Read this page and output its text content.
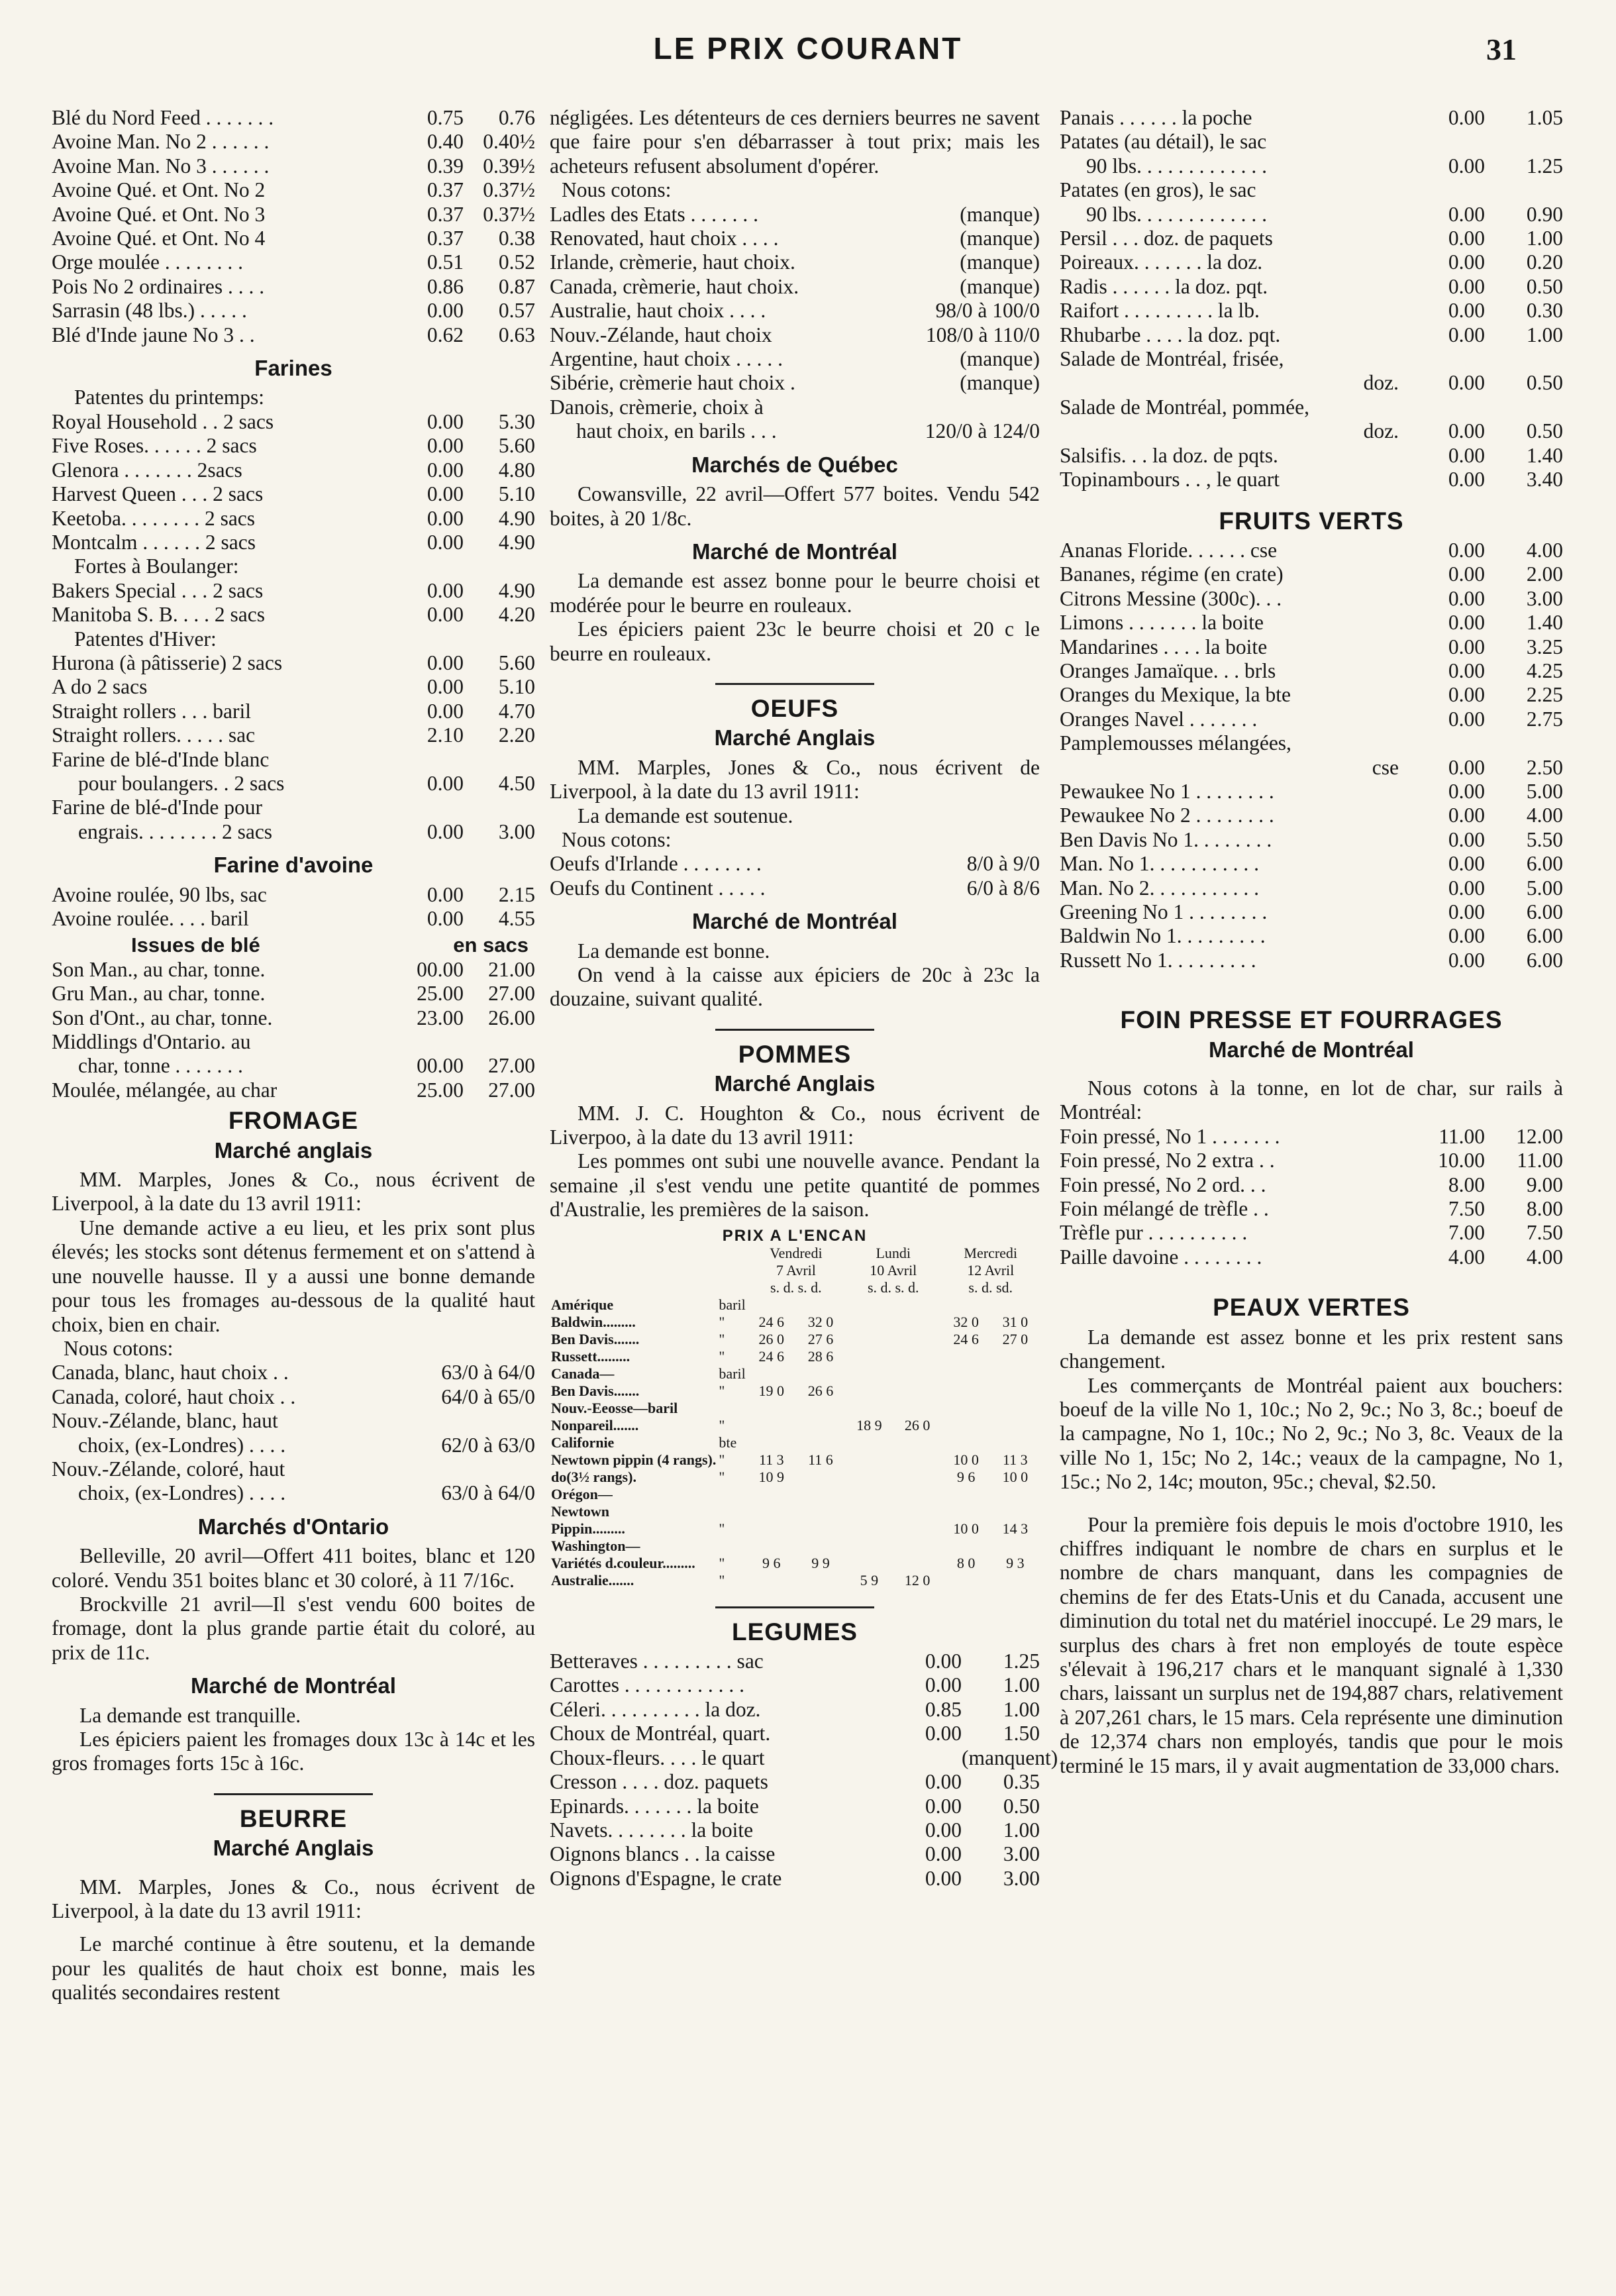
LE PRIX COURANT	31
Blé du Nord Feed . . . . . . .	0.75	0.76
Avoine Man. No 2 . . . . . .	0.40 0.40½
Avoine Man. No 3 . . . . . .	0.39 0.39½
Avoine Qué. et Ont. No 2	0.37 0.37½
Avoine Qué. et Ont. No 3	0.37 0.37½
Avoine Qué. et Ont. No 4	0.37	0.38
Orge moulée . . . . . . . .	0.51	0.52
Pois No 2 ordinaires . . . .	0.86	0.87
Sarrasin (48 lbs.) . . . . .	0.00	0.57
Blé d'Inde jaune No 3 . .	0.62	0.63
Farines
Patentes du printemps:
Royal Household . . 2 sacs	0.00	5.30
Five Roses. . . . . . 2 sacs	0.00	5.60
Glenora . . . . . . . 2sacs	0.00	4.80
Harvest Queen . . . 2 sacs	0.00	5.10
Keetoba. . . . . . . . 2 sacs	0.00	4.90
Montcalm . . . . . . 2 sacs	0.00	4.90
Fortes à Boulanger:
Bakers Special . . . 2 sacs	0.00	4.90
Manitoba S. B. . . . 2 sacs	0.00	4.20
Patentes d'Hiver:
Hurona (à pâtisserie) 2 sacs	0.00	5.60
A do 2 sacs	0.00	5.10
Straight rollers . . . baril	0.00	4.70
Straight rollers. . . . . sac	2.10	2.20
Farine de blé-d'Inde blanc
pour boulangers. . 2 sacs	0.00	4.50
Farine de blé-d'Inde pour
engrais. . . . . . . . 2 sacs	0.00	3.00
Farine d'avoine
Avoine roulée, 90 lbs, sac	0.00	2.15
Avoine roulée. . . . baril	0.00	4.55
Issues de blé	en sacs
Son Man., au char, tonne.	00.00	21.00
Gru Man., au char, tonne.	25.00	27.00
Son d'Ont., au char, tonne.	23.00	26.00
Middlings d'Ontario. au
char, tonne . . . . . . .	00.00	27.00
Moulée, mélangée, au char	25.00	27.00
FROMAGE
Marché anglais
MM. Marples, Jones & Co., nous écrivent de Liverpool, à la date du 13 avril 1911:
Une demande active a eu lieu, et les prix sont plus élevés; les stocks sont détenus fermement et on s'attend à une nouvelle hausse. Il y a aussi une bonne demande pour tous les fromages au-dessous de la qualité haut choix, bien en chair.
Nous cotons:
Canada, blanc, haut choix . .	63/0 à 64/0
Canada, coloré, haut choix . .	64/0 à 65/0
Nouv.-Zélande, blanc, haut
choix, (ex-Londres) . . . .	62/0 à 63/0
Nouv.-Zélande, coloré, haut
choix, (ex-Londres) . . . .	63/0 à 64/0
Marchés d'Ontario
Belleville, 20 avril—Offert 411 boites, blanc et 120 coloré. Vendu 351 boites blanc et 30 coloré, à 11 7/16c.
Brockville 21 avril—Il s'est vendu 600 boites de fromage, dont la plus grande partie était du coloré, au prix de 11c.
Marché de Montréal
La demande est tranquille.
Les épiciers paient les fromages doux 13c à 14c et les gros fromages forts 15c à 16c.
BEURRE
Marché Anglais
MM. Marples, Jones & Co., nous écrivent de Liverpool, à la date du 13 avril 1911:
Le marché continue à être soutenu, et la demande pour les qualités de haut choix est bonne, mais les qualités secondaires restent
négligées. Les détenteurs de ces derniers beurres ne savent que faire pour s'en débarrasser à tout prix; mais les acheteurs refusent absolument d'opérer.
Nous cotons:
Ladles des Etats . . . . . . .	(manque)
Renovated, haut choix . . . .	(manque)
Irlande, crèmerie, haut choix.	(manque)
Canada, crèmerie, haut choix.	(manque)
Australie, haut choix . . . .	98/0 à 100/0
Nouv.-Zélande, haut choix	108/0 à 110/0
Argentine, haut choix . . . . .	(manque)
Sibérie, crèmerie haut choix .	(manque)
Danois, crèmerie, choix à
haut choix, en barils . . .	120/0 à 124/0
Marchés de Québec
Cowansville, 22 avril—Offert 577 boites. Vendu 542 boites, à 20 1/8c.
Marché de Montréal
La demande est assez bonne pour le beurre choisi et modérée pour le beurre en rouleaux.
Les épiciers paient 23c le beurre choisi et 20 c le beurre en rouleaux.
OEUFS
Marché Anglais
MM. Marples, Jones & Co., nous écrivent de Liverpool, à la date du 13 avril 1911:
La demande est soutenue.
Nous cotons:
Oeufs d'Irlande . . . . . . . .	8/0 à 9/0
Oeufs du Continent . . . . .	6/0 à 8/6
Marché de Montréal
La demande est bonne.
On vend à la caisse aux épiciers de 20c à 23c la douzaine, suivant qualité.
POMMES
Marché Anglais
MM. J. C. Houghton & Co., nous écrivent de Liverpoo, à la date du 13 avril 1911:
Les pommes ont subi une nouvelle avance. Pendant la semaine ,il s'est vendu une petite quantité de pommes d'Australie, les premières de la saison.
PRIX A L'ENCAN
		Vendredi		Lundi		Mercredi	
		7 Avril		10 Avril		12 Avril	
		s. d. s. d.		s. d. s. d.		s. d. sd.	
Amérique	baril						
Baldwin.........	"	24 6	32 0			32 0	31 0
Ben Davis.......	"	26 0	27 6			24 6	27 0
Russett.........	"	24 6	28 6				
Canada—	baril						
Ben Davis.......	"	19 0	26 6				
Nouv.-Eeosse—baril							
Nonpareil.......	"			18 9	26 0		
Californie	bte						
Newtown pippin (4 rangs).	"	11 3	11 6			10 0	11 3
do(3½ rangs).	"	10 9				9 6	10 0
Orégon—							
Newtown							
Pippin.........	"					10 0	14 3
Washington—							
Variétés d.couleur.........	"	9 6	9 9			8 0	9 3
Australie.......	"			5 9	12 0		
LEGUMES
Betteraves . . . . . . . . . sac	0.00	1.25
Carottes . . . . . . . . . . . .	0.00	1.00
Céleri. . . . . . . . . . la doz.	0.85	1.00
Choux de Montréal, quart.	0.00	1.50
Choux-fleurs. . . . le quart	(manquent)
Cresson . . . . doz. paquets	0.00	0.35
Epinards. . . . . . . la boite	0.00	0.50
Navets. . . . . . . . la boite	0.00	1.00
Oignons blancs . . la caisse	0.00	3.00
Oignons d'Espagne, le crate	0.00	3.00
Panais . . . . . . la poche	0.00	1.05
Patates (au détail), le sac
90 lbs. . . . . . . . . . . . .	0.00	1.25
Patates (en gros), le sac
90 lbs. . . . . . . . . . . . .	0.00	0.90
Persil . . . doz. de paquets	0.00	1.00
Poireaux. . . . . . . la doz.	0.00	0.20
Radis . . . . . . la doz. pqt.	0.00	0.50
Raifort . . . . . . . . . la lb.	0.00	0.30
Rhubarbe . . . . la doz. pqt.	0.00	1.00
Salade de Montréal, frisée,
doz.	0.00	0.50
Salade de Montréal, pommée,
doz.	0.00	0.50
Salsifis. . . la doz. de pqts.	0.00	1.40
Topinambours . . , le quart	0.00	3.40
FRUITS VERTS
Ananas Floride. . . . . . cse	0.00	4.00
Bananes, régime (en crate)	0.00	2.00
Citrons Messine (300c). . .	0.00	3.00
Limons . . . . . . . la boite	0.00	1.40
Mandarines . . . . la boite	0.00	3.25
Oranges Jamaïque. . . brls	0.00	4.25
Oranges du Mexique, la bte	0.00	2.25
Oranges Navel . . . . . . .	0.00	2.75
Pamplemousses mélangées,
cse	0.00	2.50
Pewaukee No 1 . . . . . . . .	0.00	5.00
Pewaukee No 2 . . . . . . . .	0.00	4.00
Ben Davis No 1. . . . . . . .	0.00	5.50
Man. No 1. . . . . . . . . . .	0.00	6.00
Man. No 2. . . . . . . . . . .	0.00	5.00
Greening No 1 . . . . . . . .	0.00	6.00
Baldwin No 1. . . . . . . . .	0.00	6.00
Russett No 1. . . . . . . . .	0.00	6.00
FOIN PRESSE ET FOURRAGES
Marché de Montréal
Nous cotons à la tonne, en lot de char, sur rails à Montréal:
Foin pressé, No 1 . . . . . . .	11.00	12.00
Foin pressé, No 2 extra . .	10.00	11.00
Foin pressé, No 2 ord. . .	8.00	9.00
Foin mélangé de trèfle . .	7.50	8.00
Trèfle pur . . . . . . . . . .	7.00	7.50
Paille davoine . . . . . . . .	4.00	4.00
PEAUX VERTES
La demande est assez bonne et les prix restent sans changement.
Les commerçants de Montréal paient aux bouchers: boeuf de la ville No 1, 10c.; No 2, 9c.; No 3, 8c.; boeuf de la campagne, No 1, 10c.; No 2, 9c.; No 3, 8c. Veaux de la ville No 1, 15c; No 2, 14c.; veaux de la campagne, No 1, 15c.; No 2, 14c; mouton, 95c.; cheval, $2.50.
Pour la première fois depuis le mois d'octobre 1910, les chiffres indiquant le nombre de chars en surplus et le nombre de chars manquant, dans les compagnies de chemins de fer des Etats-Unis et du Canada, accusent une diminution du total net du matériel inoccupé. Le 29 mars, le surplus des chars à fret non employés de toute espèce s'élevait à 196,217 chars et le manquant signalé à 1,330 chars, laissant un surplus net de 194,887 chars, relativement à 207,261 chars, le 15 mars. Cela représente une diminution de 12,374 chars non employés, tandis que pour le mois terminé le 15 mars, il y avait augmentation de 33,000 chars.
